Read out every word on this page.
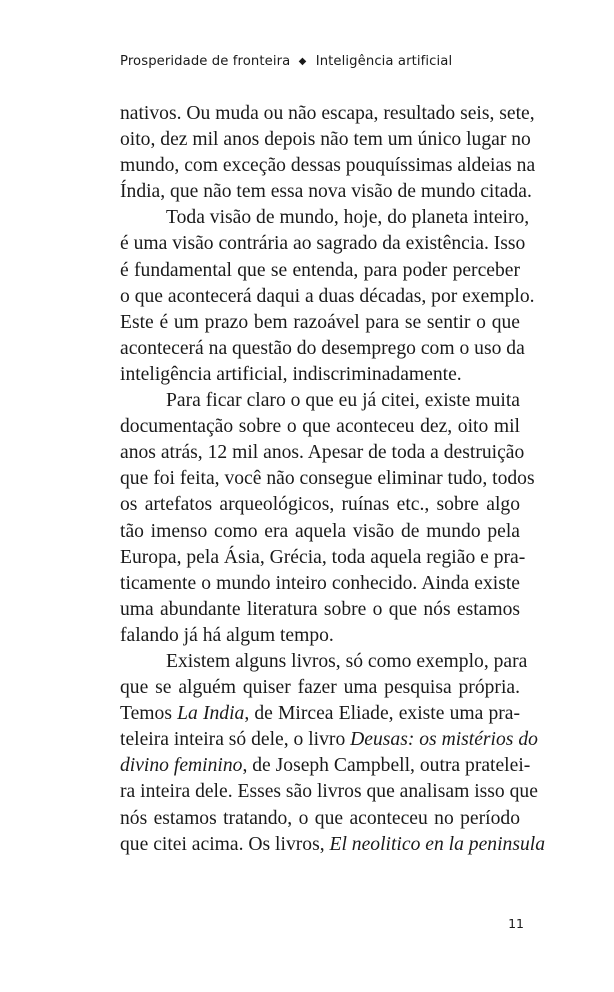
Prosperidade de fronteira ◆ Inteligência artificial
nativos. Ou muda ou não escapa, resultado seis, sete,
oito, dez mil anos depois não tem um único lugar no
mundo, com exceção dessas pouquíssimas aldeias na
Índia, que não tem essa nova visão de mundo citada.
Toda visão de mundo, hoje, do planeta inteiro,
é uma visão contrária ao sagrado da existência. Isso
é fundamental que se entenda, para poder perceber
o que acontecerá daqui a duas décadas, por exemplo.
Este é um prazo bem razoável para se sentir o que
acontecerá na questão do desemprego com o uso da
inteligência artificial, indiscriminadamente.
Para ficar claro o que eu já citei, existe muita
documentação sobre o que aconteceu dez, oito mil
anos atrás, 12 mil anos. Apesar de toda a destruição
que foi feita, você não consegue eliminar tudo, todos
os artefatos arqueológicos, ruínas etc., sobre algo
tão imenso como era aquela visão de mundo pela
Europa, pela Ásia, Grécia, toda aquela região e pra-
ticamente o mundo inteiro conhecido. Ainda existe
uma abundante literatura sobre o que nós estamos
falando já há algum tempo.
Existem alguns livros, só como exemplo, para
que se alguém quiser fazer uma pesquisa própria.
Temos La India, de Mircea Eliade, existe uma pra-
teleira inteira só dele, o livro Deusas: os mistérios do
divino feminino, de Joseph Campbell, outra pratelei-
ra inteira dele. Esses são livros que analisam isso que
nós estamos tratando, o que aconteceu no período
que citei acima. Os livros, El neolitico en la peninsula
11
